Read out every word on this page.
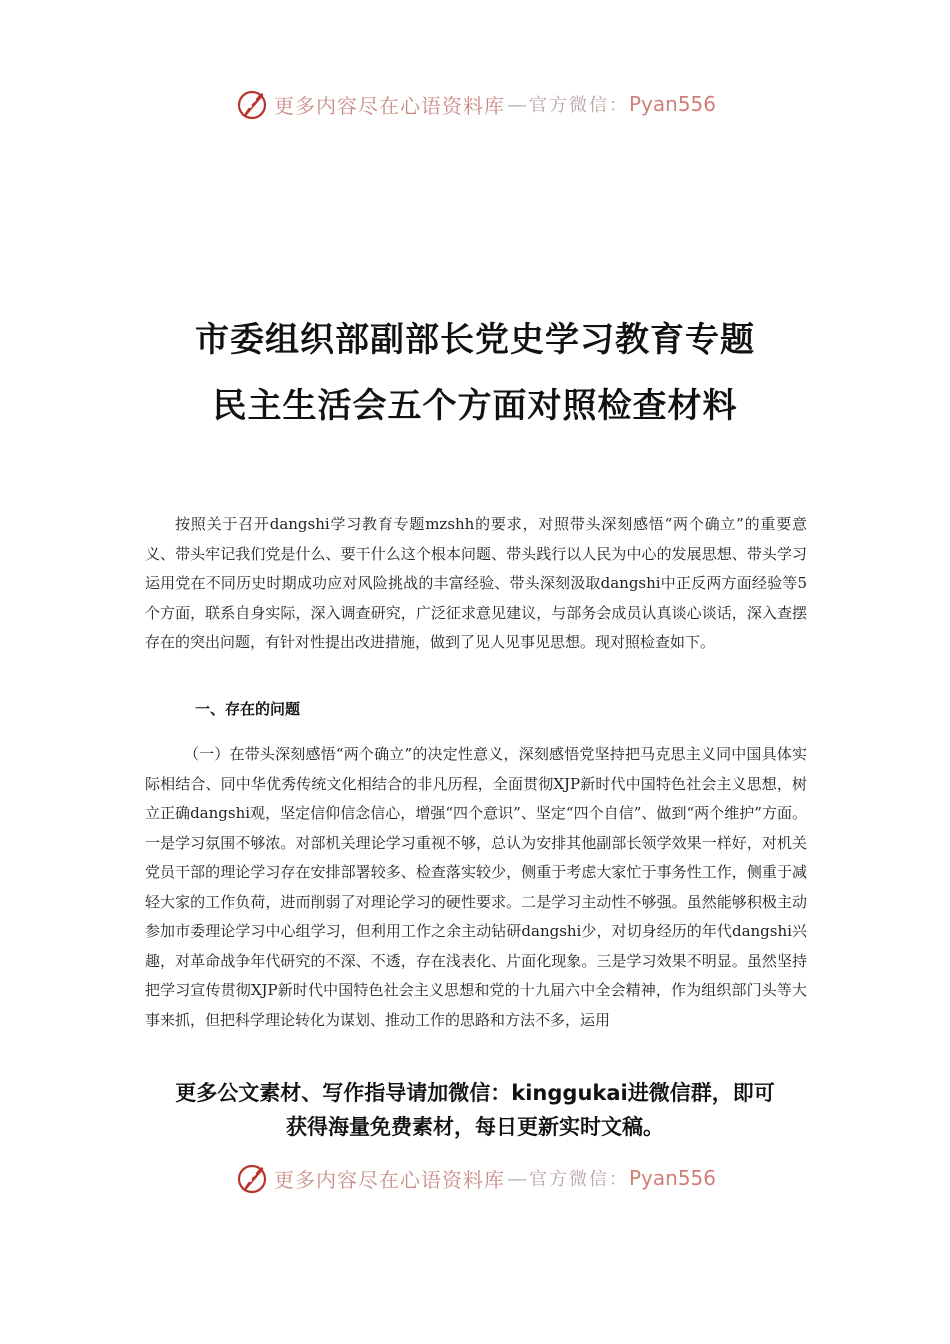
更多内容尽在心语资料库 — 官方微信： Pyan556
市委组织部副部长党史学习教育专题
民主生活会五个方面对照检查材料
按照关于召开dangshi学习教育专题mzshh的要求，对照带头深刻感悟“两个确立”的重要意义、带头牢记我们党是什么、要干什么这个根本问题、带头践行以人民为中心的发展思想、带头学习运用党在不同历史时期成功应对风险挑战的丰富经验、带头深刻汲取dangshi中正反两方面经验等5个方面，联系自身实际，深入调查研究，广泛征求意见建议，与部务会成员认真谈心谈话，深入查摆存在的突出问题，有针对性提出改进措施，做到了见人见事见思想。现对照检查如下。
一、存在的问题
（一）在带头深刻感悟“两个确立”的决定性意义，深刻感悟党坚持把马克思主义同中国具体实际相结合、同中华优秀传统文化相结合的非凡历程，全面贯彻XJP新时代中国特色社会主义思想，树立正确dangshi观，坚定信仰信念信心，增强“四个意识”、坚定“四个自信”、做到“两个维护”方面。一是学习氛围不够浓。对部机关理论学习重视不够，总认为安排其他副部长领学效果一样好，对机关党员干部的理论学习存在安排部署较多、检查落实较少，侧重于考虑大家忙于事务性工作，侧重于减轻大家的工作负荷，进而削弱了对理论学习的硬性要求。二是学习主动性不够强。虽然能够积极主动参加市委理论学习中心组学习，但利用工作之余主动钻研dangshi少，对切身经历的年代dangshi兴趣，对革命战争年代研究的不深、不透，存在浅表化、片面化现象。三是学习效果不明显。虽然坚持把学习宣传贯彻XJP新时代中国特色社会主义思想和党的十九届六中全会精神，作为组织部门头等大事来抓，但把科学理论转化为谋划、推动工作的思路和方法不多，运用
更多公文素材、写作指导请加微信：kinggukai进微信群，即可
获得海量免费素材，每日更新实时文稿。
更多内容尽在心语资料库 — 官方微信： Pyan556
